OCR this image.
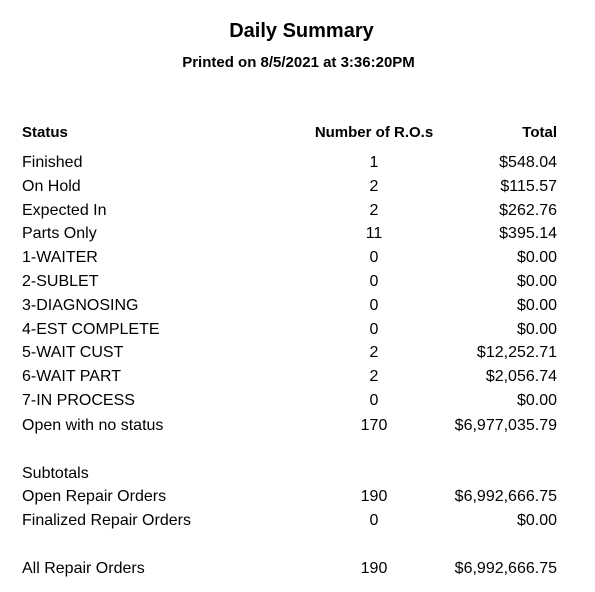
Daily Summary
Printed on 8/5/2021 at 3:36:20PM
Status	Number of R.O.s	Total
Finished	1	$548.04
On Hold	2	$115.57
Expected In	2	$262.76
Parts Only	11	$395.14
1-WAITER	0	$0.00
2-SUBLET	0	$0.00
3-DIAGNOSING	0	$0.00
4-EST COMPLETE	0	$0.00
5-WAIT CUST	2	$12,252.71
6-WAIT PART	2	$2,056.74
7-IN PROCESS	0	$0.00
Open with no status	170	$6,977,035.79
Subtotals
Open Repair Orders	190	$6,992,666.75
Finalized Repair Orders	0	$0.00
All Repair Orders	190	$6,992,666.75
